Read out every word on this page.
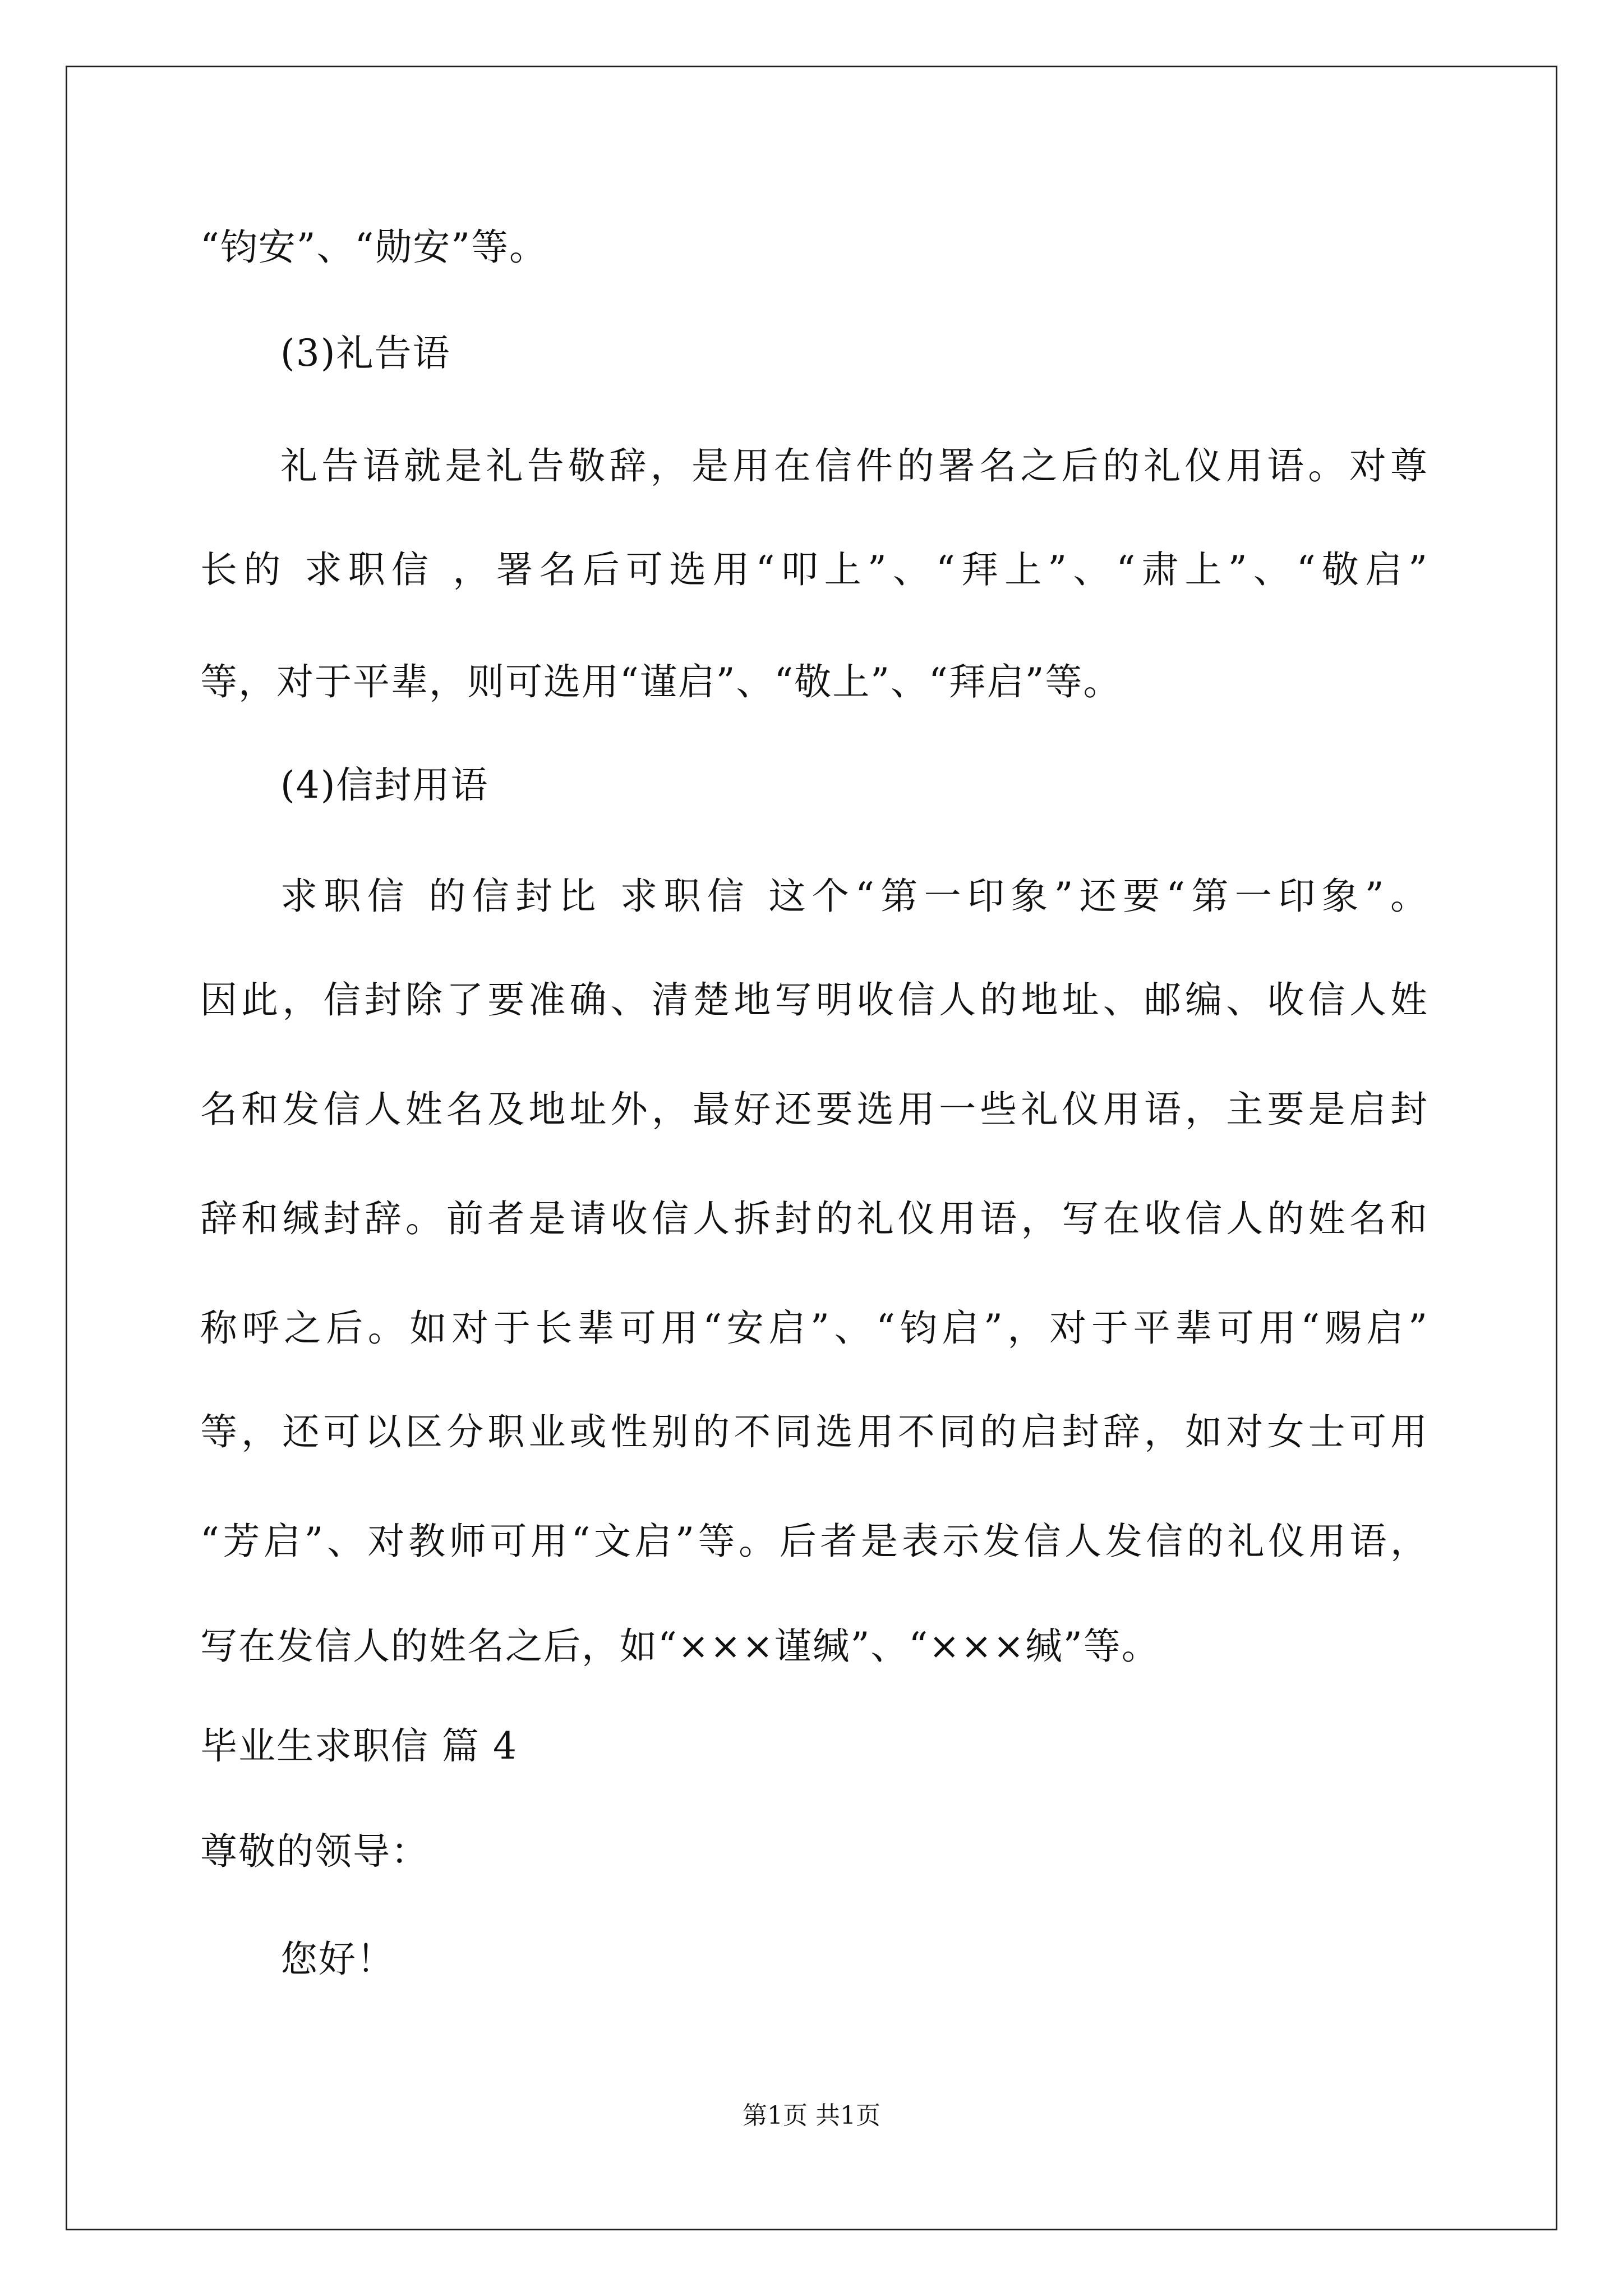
“钧安”、“勋安”等。
(3)礼告语
礼告语就是礼告敬辞，是用在信件的署名之后的礼仪用语。对尊
长的 求职信 ，署名后可选用“叩上”、“拜上”、“肃上”、“敬启”
等，对于平辈，则可选用“谨启”、“敬上”、“拜启”等。
(4)信封用语
求职信 的信封比 求职信 这个“第一印象”还要“第一印象”。
因此，信封除了要准确、清楚地写明收信人的地址、邮编、收信人姓
名和发信人姓名及地址外，最好还要选用一些礼仪用语，主要是启封
辞和缄封辞。前者是请收信人拆封的礼仪用语，写在收信人的姓名和
称呼之后。如对于长辈可用“安启”、“钧启”，对于平辈可用“赐启”
等，还可以区分职业或性别的不同选用不同的启封辞，如对女士可用
“芳启”、对教师可用“文启”等。后者是表示发信人发信的礼仪用语，
写在发信人的姓名之后，如“×××谨缄”、“×××缄”等。
毕业生求职信 篇 4
尊敬的领导：
您好！
第1页 共1页
